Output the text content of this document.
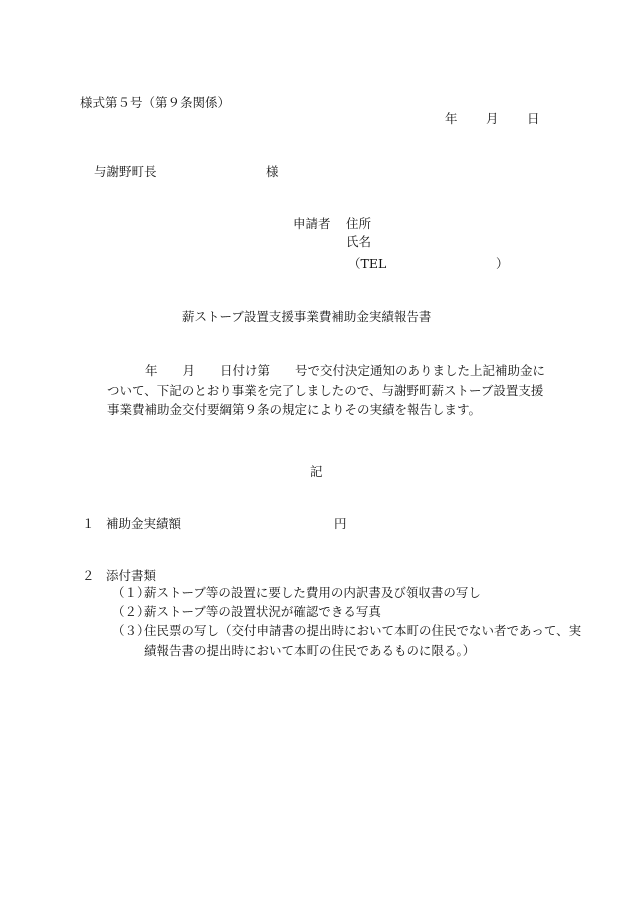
様式第５号（第９条関係）
年 月 日
与謝野町長	様
申請者 住所
氏名
（TEL	）
薪ストーブ設置支援事業費補助金実績報告書
年　　月　　日付け第　　号で交付決定通知のありました上記補助金について、下記のとおり事業を完了しましたので、与謝野町薪ストーブ設置支援事業費補助金交付要綱第９条の規定によりその実績を報告します。
記
１ 補助金実績額	円
２ 添付書類
（１）薪ストーブ等の設置に要した費用の内訳書及び領収書の写し
（２）薪ストーブ等の設置状況が確認できる写真
（３）住民票の写し（交付申請書の提出時において本町の住民でない者であって、実績報告書の提出時において本町の住民であるものに限る。）
